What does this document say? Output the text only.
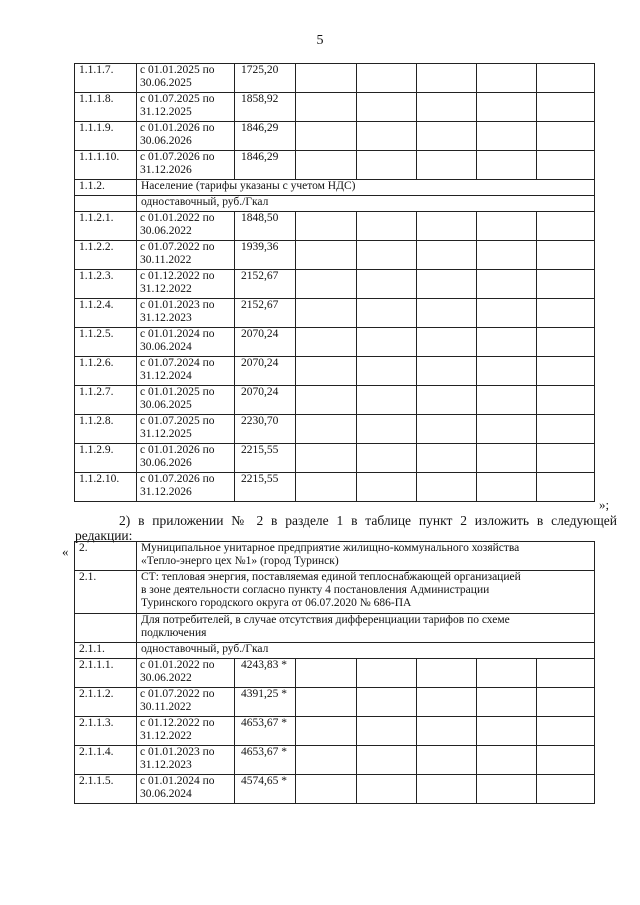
5
1.1.1.7.	с 01.01.2025 по
30.06.2025	1725,20					
1.1.1.8.	с 01.07.2025 по
31.12.2025	1858,92					
1.1.1.9.	с 01.01.2026 по
30.06.2026	1846,29					
1.1.1.10.	с 01.07.2026 по
31.12.2026	1846,29					
1.1.2.	Население (тарифы указаны с учетом НДС)						

	одноставочный, руб./Гкал						

1.1.2.1.	с 01.01.2022 по
30.06.2022	1848,50					
1.1.2.2.	с 01.07.2022 по
30.11.2022	1939,36					
1.1.2.3.	с 01.12.2022 по
31.12.2022	2152,67					
1.1.2.4.	с 01.01.2023 по
31.12.2023	2152,67					
1.1.2.5.	с 01.01.2024 по
30.06.2024	2070,24					
1.1.2.6.	с 01.07.2024 по
31.12.2024	2070,24					
1.1.2.7.	с 01.01.2025 по
30.06.2025	2070,24					
1.1.2.8.	с 01.07.2025 по
31.12.2025	2230,70					
1.1.2.9.	с 01.01.2026 по
30.06.2026	2215,55					
1.1.2.10.	с 01.07.2026 по
31.12.2026	2215,55					
»;
2) в приложении № 2 в разделе 1 в таблице пункт 2 изложить в следующей
редакции:
« 2.	Муниципальное унитарное предприятие жилищно-коммунального хозяйства
«Тепло-энерго цех №1» (город Туринск)						

2.1.	СТ: тепловая энергия, поставляемая единой теплоснабжающей организацией
в зоне деятельности согласно пункту 4 постановления Администрации
Туринского городского округа от 06.07.2020 № 686-ПА						

	Для потребителей, в случае отсутствия дифференциации тарифов по схеме
подключения						

2.1.1.	одноставочный, руб./Гкал						

2.1.1.1.	с 01.01.2022 по
30.06.2022	4243,83 *					
2.1.1.2.	с 01.07.2022 по
30.11.2022	4391,25 *					
2.1.1.3.	с 01.12.2022 по
31.12.2022	4653,67 *					
2.1.1.4.	с 01.01.2023 по
31.12.2023	4653,67 *					
2.1.1.5.	с 01.01.2024 по
30.06.2024	4574,65 *					
